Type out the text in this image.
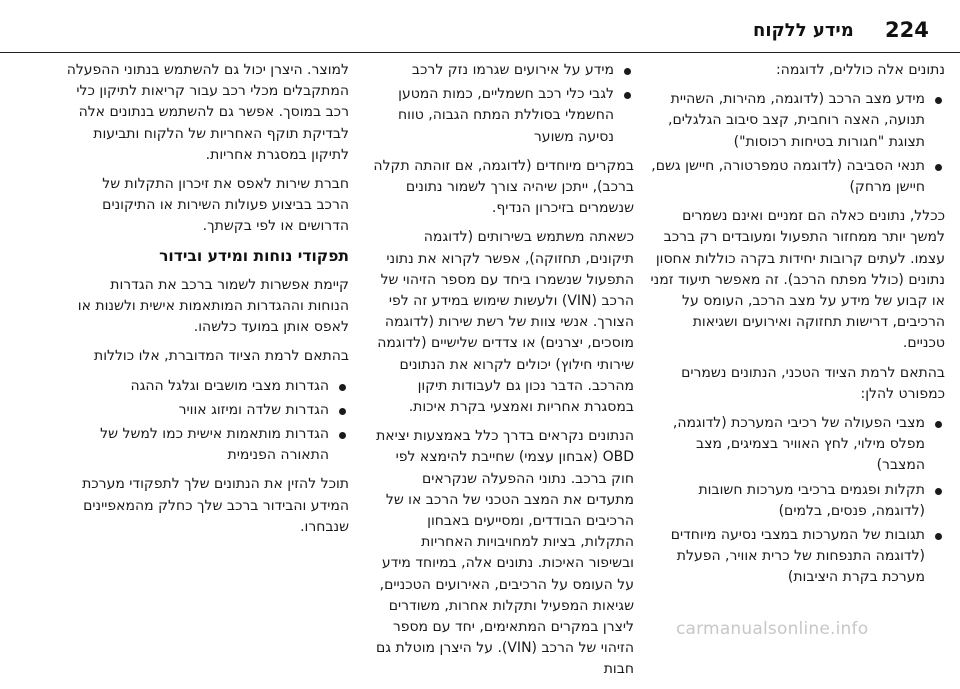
224
מידע ללקוח

נתונים אלה כוללים, לדוגמה:

מידע מצב הרכב (לדוגמה, מהירות, השהיית תנועה, האצה רוחבית, קצב סיבוב הגלגלים, תצוגת "חגורות בטיחות רכוסות")
תנאי הסביבה (לדוגמה טמפרטורה, חיישן גשם, חיישן מרחק)

ככלל, נתונים כאלה הם זמניים ואינם נשמרים למשך יותר ממחזור התפעול ומעובדים רק ברכב עצמו. לעתים קרובות יחידות בקרה כוללות אחסון נתונים (כולל מפתח הרכב). זה מאפשר תיעוד זמני או קבוע של מידע על מצב הרכב, העומס על הרכיבים, דרישות תחזוקה ואירועים ושגיאות טכניים.

בהתאם לרמת הציוד הטכני, הנתונים נשמרים כמפורט להלן:

מצבי הפעולה של רכיבי המערכת (לדוגמה, מפלס מילוי, לחץ האוויר בצמיגים, מצב המצבר)
תקלות ופגמים ברכיבי מערכות חשובות (לדוגמה, פנסים, בלמים)
תגובות של המערכות במצבי נסיעה מיוחדים (לדוגמה התנפחות של כרית אוויר, הפעלת מערכת בקרת היציבות)
מידע על אירועים שגרמו נזק לרכב
לגבי כלי רכב חשמליים, כמות המטען החשמלי בסוללת המתח הגבוה, טווח נסיעה משוער

במקרים מיוחדים (לדוגמה, אם זוהתה תקלה ברכב), ייתכן שיהיה צורך לשמור נתונים שנשמרים בזיכרון הנדיף.

כשאתה משתמש בשירותים (לדוגמה תיקונים, תחזוקה), אפשר לקרוא את נתוני התפעול שנשמרו ביחד עם מספר הזיהוי של הרכב (VIN) ולעשות שימוש במידע זה לפי הצורך. אנשי צוות של רשת שירות (לדוגמה מוסכים, יצרנים) או צדדים שלישיים (לדוגמה שירותי חילוץ) יכולים לקרוא את הנתונים מהרכב. הדבר נכון גם לעבודות תיקון במסגרת אחריות ואמצעי בקרת איכות.

הנתונים נקראים בדרך כלל באמצעות יציאת OBD (אבחון עצמי) שחייבת להימצא לפי חוק ברכב. נתוני ההפעלה שנקראים מתעדים את המצב הטכני של הרכב או של הרכיבים הבודדים, ומסייעים באבחון התקלות, בציות למחויבויות האחריות ובשיפור האיכות. נתונים אלה, במיוחד מידע על העומס על הרכיבים, האירועים הטכניים, שגיאות המפעיל ותקלות אחרות, משודרים ליצרן במקרים המתאימים, יחד עם מספר הזיהוי של הרכב (VIN). על היצרן מוטלת גם חבות

למוצר. היצרן יכול גם להשתמש בנתוני ההפעלה המתקבלים מכלי רכב עבור קריאות לתיקון כלי רכב במוסך. אפשר גם להשתמש בנתונים אלה לבדיקת תוקף האחריות של הלקוח ותביעות לתיקון במסגרת אחריות.

חברת שירות לאפס את זיכרון התקלות של הרכב בביצוע פעולות השירות או התיקונים הדרושים או לפי בקשתך.

תפקודי נוחות ומידע ובידור

קיימת אפשרות לשמור ברכב את הגדרות הנוחות וההגדרות המותאמות אישית ולשנות או לאפס אותן במועד כלשהו.

בהתאם לרמת הציוד המדוברת, אלו כוללות

הגדרות מצבי מושבים וגלגל ההגה
הגדרות שלדה ומיזוג אוויר
הגדרות מותאמות אישית כמו למשל של התאורה הפנימית

תוכל להזין את הנתונים שלך לתפקודי מערכת המידע והבידור ברכב שלך כחלק מהמאפיינים שנבחרו.

carmanualsonline.info
